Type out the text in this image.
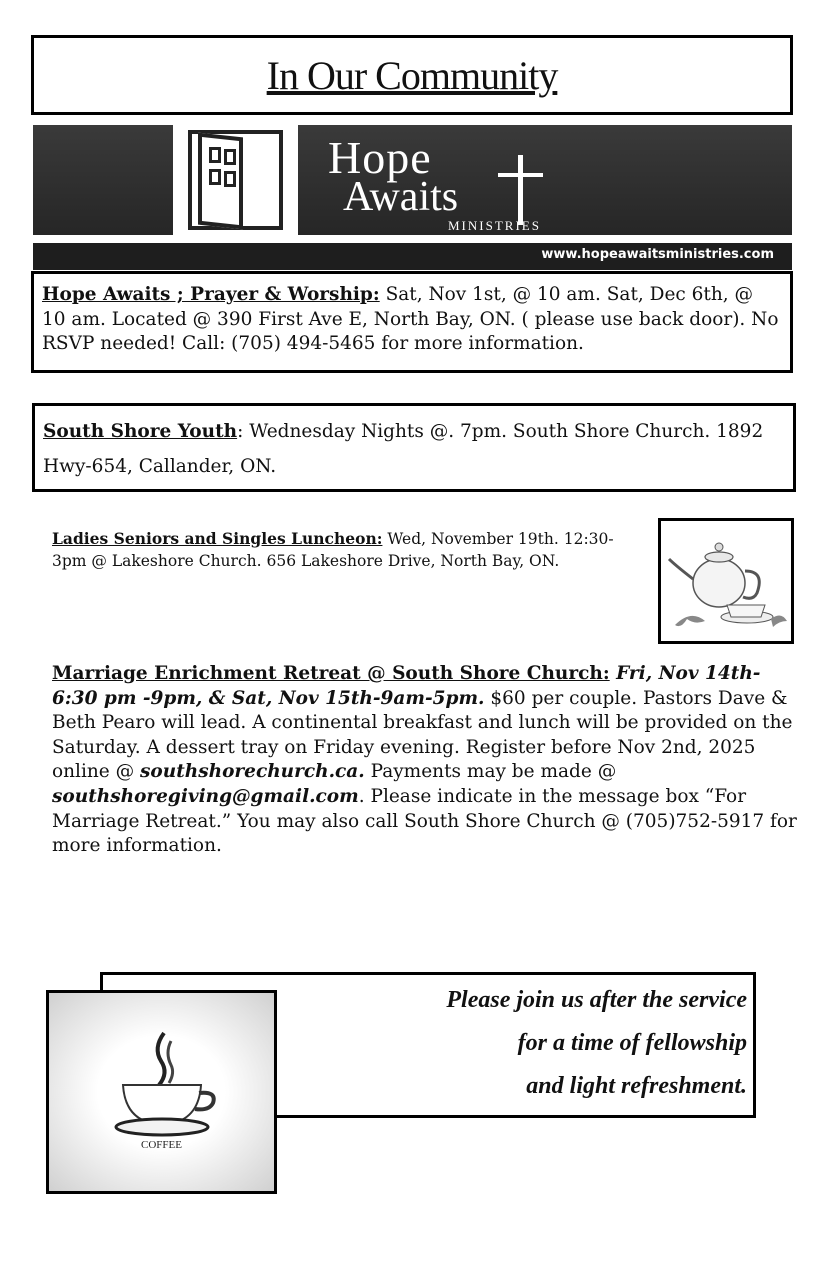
In Our Community
Hope
Awaits
MINISTRIES
www.hopeawaitsministries.com
Hope Awaits ; Prayer & Worship: Sat, Nov 1st, @ 10 am. Sat, Dec 6th, @ 10 am. Located @ 390 First Ave E, North Bay, ON. ( please use back door). No RSVP needed! Call: (705) 494-5465 for more information.
South Shore Youth: Wednesday Nights @. 7pm. South Shore Church. 1892 Hwy-654, Callander, ON.
Ladies Seniors and Singles Luncheon: Wed, November 19th. 12:30-3pm @ Lakeshore Church. 656 Lakeshore Drive, North Bay, ON.
Marriage Enrichment Retreat @ South Shore Church: Fri, Nov 14th-6:30 pm -9pm, & Sat, Nov 15th-9am-5pm. $60 per couple. Pastors Dave & Beth Pearo will lead. A continental breakfast and lunch will be provided on the Saturday. A dessert tray on Friday evening. Register before Nov 2nd, 2025 online @ southshorechurch.ca. Payments may be made @ southshoregiving@gmail.com. Please indicate in the message box “For Marriage Retreat.” You may also call South Shore Church @ (705)752-5917 for more information.
Please join us after the service
for a time of fellowship
and light refreshment.
COFFEE
